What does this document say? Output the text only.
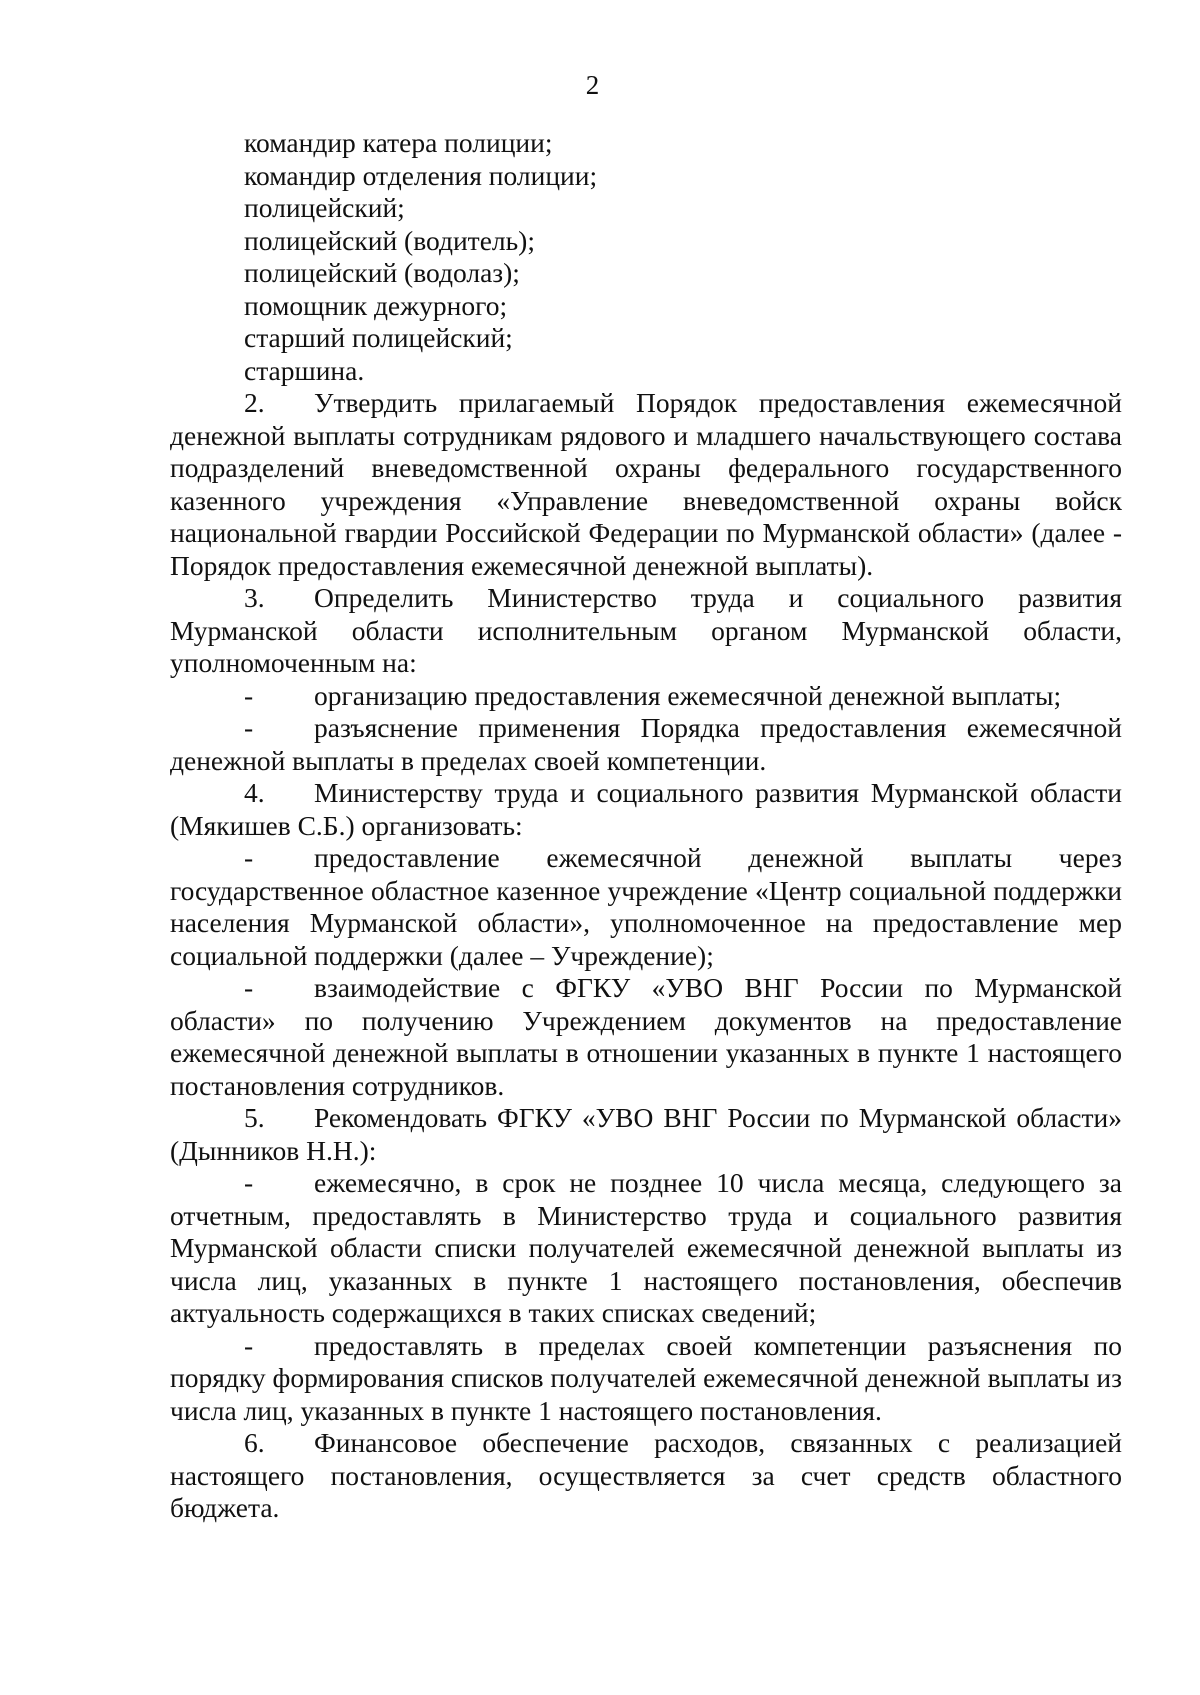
2
командир катера полиции;
командир отделения полиции;
полицейский;
полицейский (водитель);
полицейский (водолаз);
помощник дежурного;
старший полицейский;
старшина.

2. Утвердить прилагаемый Порядок предоставления ежемесячной денежной выплаты сотрудникам рядового и младшего начальствующего состава подразделений вневедомственной охраны федерального государственного казенного учреждения «Управление вневедомственной охраны войск национальной гвардии Российской Федерации по Мурманской области» (далее - Порядок предоставления ежемесячной денежной выплаты).

3. Определить Министерство труда и социального развития Мурманской области исполнительным органом Мурманской области, уполномоченным на:

- организацию предоставления ежемесячной денежной выплаты;

- разъяснение применения Порядка предоставления ежемесячной денежной выплаты в пределах своей компетенции.

4. Министерству труда и социального развития Мурманской области (Мякишев С.Б.) организовать:

- предоставление ежемесячной денежной выплаты через государственное областное казенное учреждение «Центр социальной поддержки населения Мурманской области», уполномоченное на предоставление мер социальной поддержки (далее – Учреждение);

- взаимодействие с ФГКУ «УВО ВНГ России по Мурманской области» по получению Учреждением документов на предоставление ежемесячной денежной выплаты в отношении указанных в пункте 1 настоящего постановления сотрудников.

5. Рекомендовать ФГКУ «УВО ВНГ России по Мурманской области» (Дынников Н.Н.):

- ежемесячно, в срок не позднее 10 числа месяца, следующего за отчетным, предоставлять в Министерство труда и социального развития Мурманской области списки получателей ежемесячной денежной выплаты из числа лиц, указанных в пункте 1 настоящего постановления, обеспечив актуальность содержащихся в таких списках сведений;

- предоставлять в пределах своей компетенции разъяснения по порядку формирования списков получателей ежемесячной денежной выплаты из числа лиц, указанных в пункте 1 настоящего постановления.

6. Финансовое обеспечение расходов, связанных с реализацией настоящего постановления, осуществляется за счет средств областного бюджета.
